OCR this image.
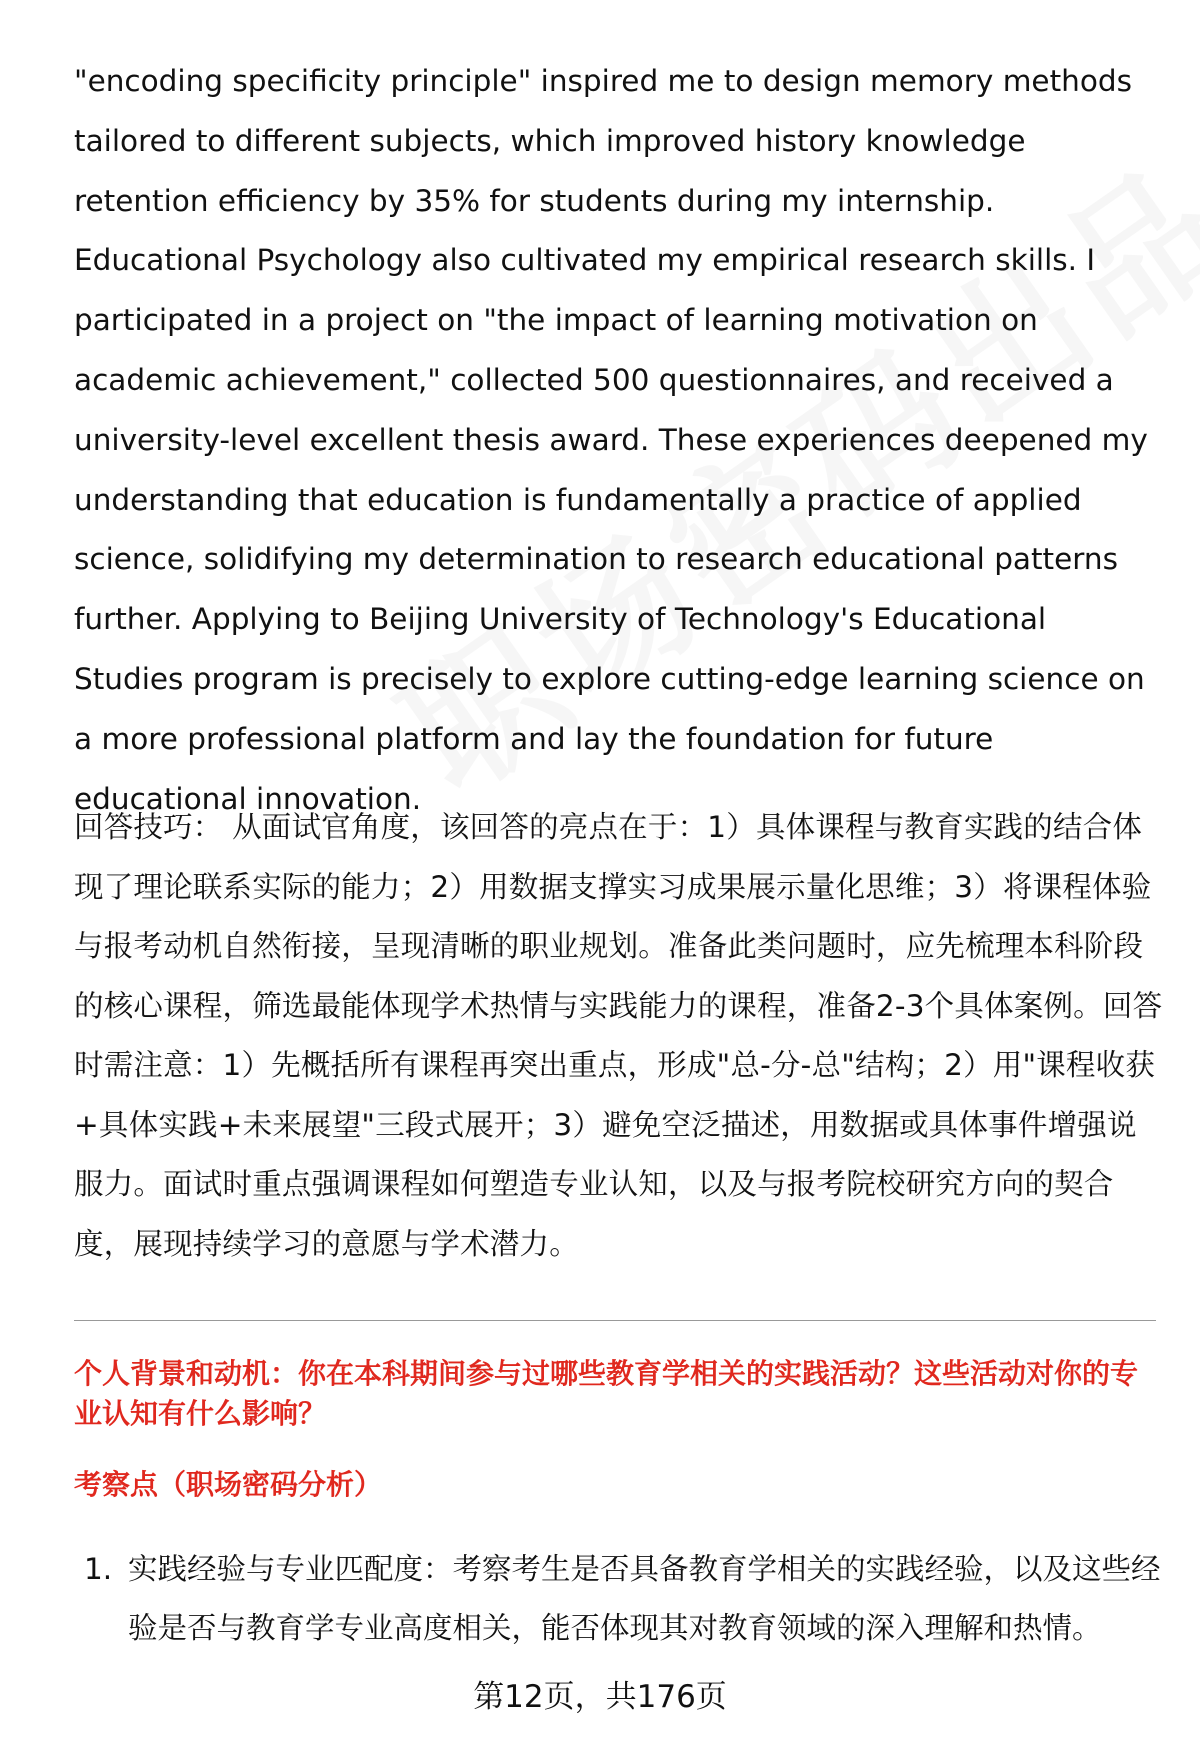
"encoding specificity principle" inspired me to design memory methods tailored to different subjects, which improved history knowledge retention efficiency by 35% for students during my internship. Educational Psychology also cultivated my empirical research skills. I participated in a project on "the impact of learning motivation on academic achievement," collected 500 questionnaires, and received a university-level excellent thesis award. These experiences deepened my understanding that education is fundamentally a practice of applied science, solidifying my determination to research educational patterns further. Applying to Beijing University of Technology's Educational Studies program is precisely to explore cutting-edge learning science on a more professional platform and lay the foundation for future educational innovation.

回答技巧： 从面试官角度，该回答的亮点在于：1）具体课程与教育实践的结合体现了理论联系实际的能力；2）用数据支撑实习成果展示量化思维；3）将课程体验与报考动机自然衔接，呈现清晰的职业规划。准备此类问题时，应先梳理本科阶段的核心课程，筛选最能体现学术热情与实践能力的课程，准备2-3个具体案例。回答时需注意：1）先概括所有课程再突出重点，形成"总-分-总"结构；2）用"课程收获+具体实践+未来展望"三段式展开；3）避免空泛描述，用数据或具体事件增强说服力。面试时重点强调课程如何塑造专业认知，以及与报考院校研究方向的契合度，展现持续学习的意愿与学术潜力。

个人背景和动机：你在本科期间参与过哪些教育学相关的实践活动？这些活动对你的专业认知有什么影响？

考察点（职场密码分析）

1. 实践经验与专业匹配度：考察考生是否具备教育学相关的实践经验，以及这些经验是否与教育学专业高度相关，能否体现其对教育领域的深入理解和热情。

第12页，共176页
